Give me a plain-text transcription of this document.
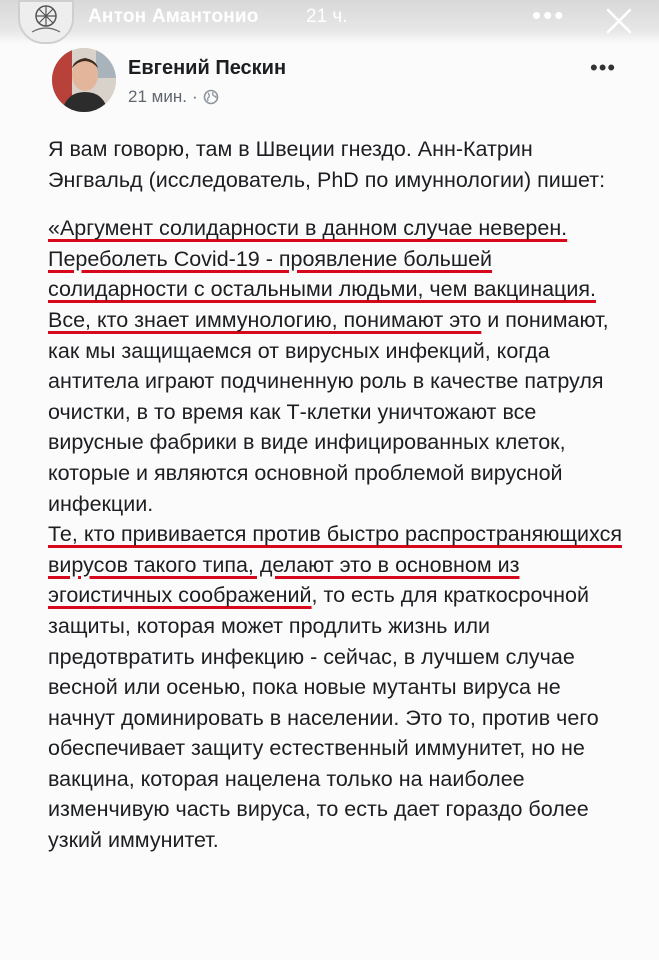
Антон Амантонио 21 ч.	•••
Евгений Пескин
21 мин. ·
•••

Я вам говорю, там в Швеции гнездо. Анн-Катрин Энгвальд (исследователь, PhD по имуннологии) пишет:

«Аргумент солидарности в данном случае неверен. Переболеть Covid-19 - проявление большей солидарности с остальными людьми, чем вакцинация. Все, кто знает иммунологию, понимают это и понимают, как мы защищаемся от вирусных инфекций, когда антитела играют подчиненную роль в качестве патруля очистки, в то время как Т-клетки уничтожают все вирусные фабрики в виде инфицированных клеток, которые и являются основной проблемой вирусной инфекции.

Те, кто прививается против быстро распространяющихся вирусов такого типа, делают это в основном из эгоистичных соображений, то есть для краткосрочной защиты, которая может продлить жизнь или предотвратить инфекцию - сейчас, в лучшем случае весной или осенью, пока новые мутанты вируса не начнут доминировать в населении. Это то, против чего обеспечивает защиту естественный иммунитет, но не вакцина, которая нацелена только на наиболее изменчивую часть вируса, то есть дает гораздо более узкий иммунитет.
